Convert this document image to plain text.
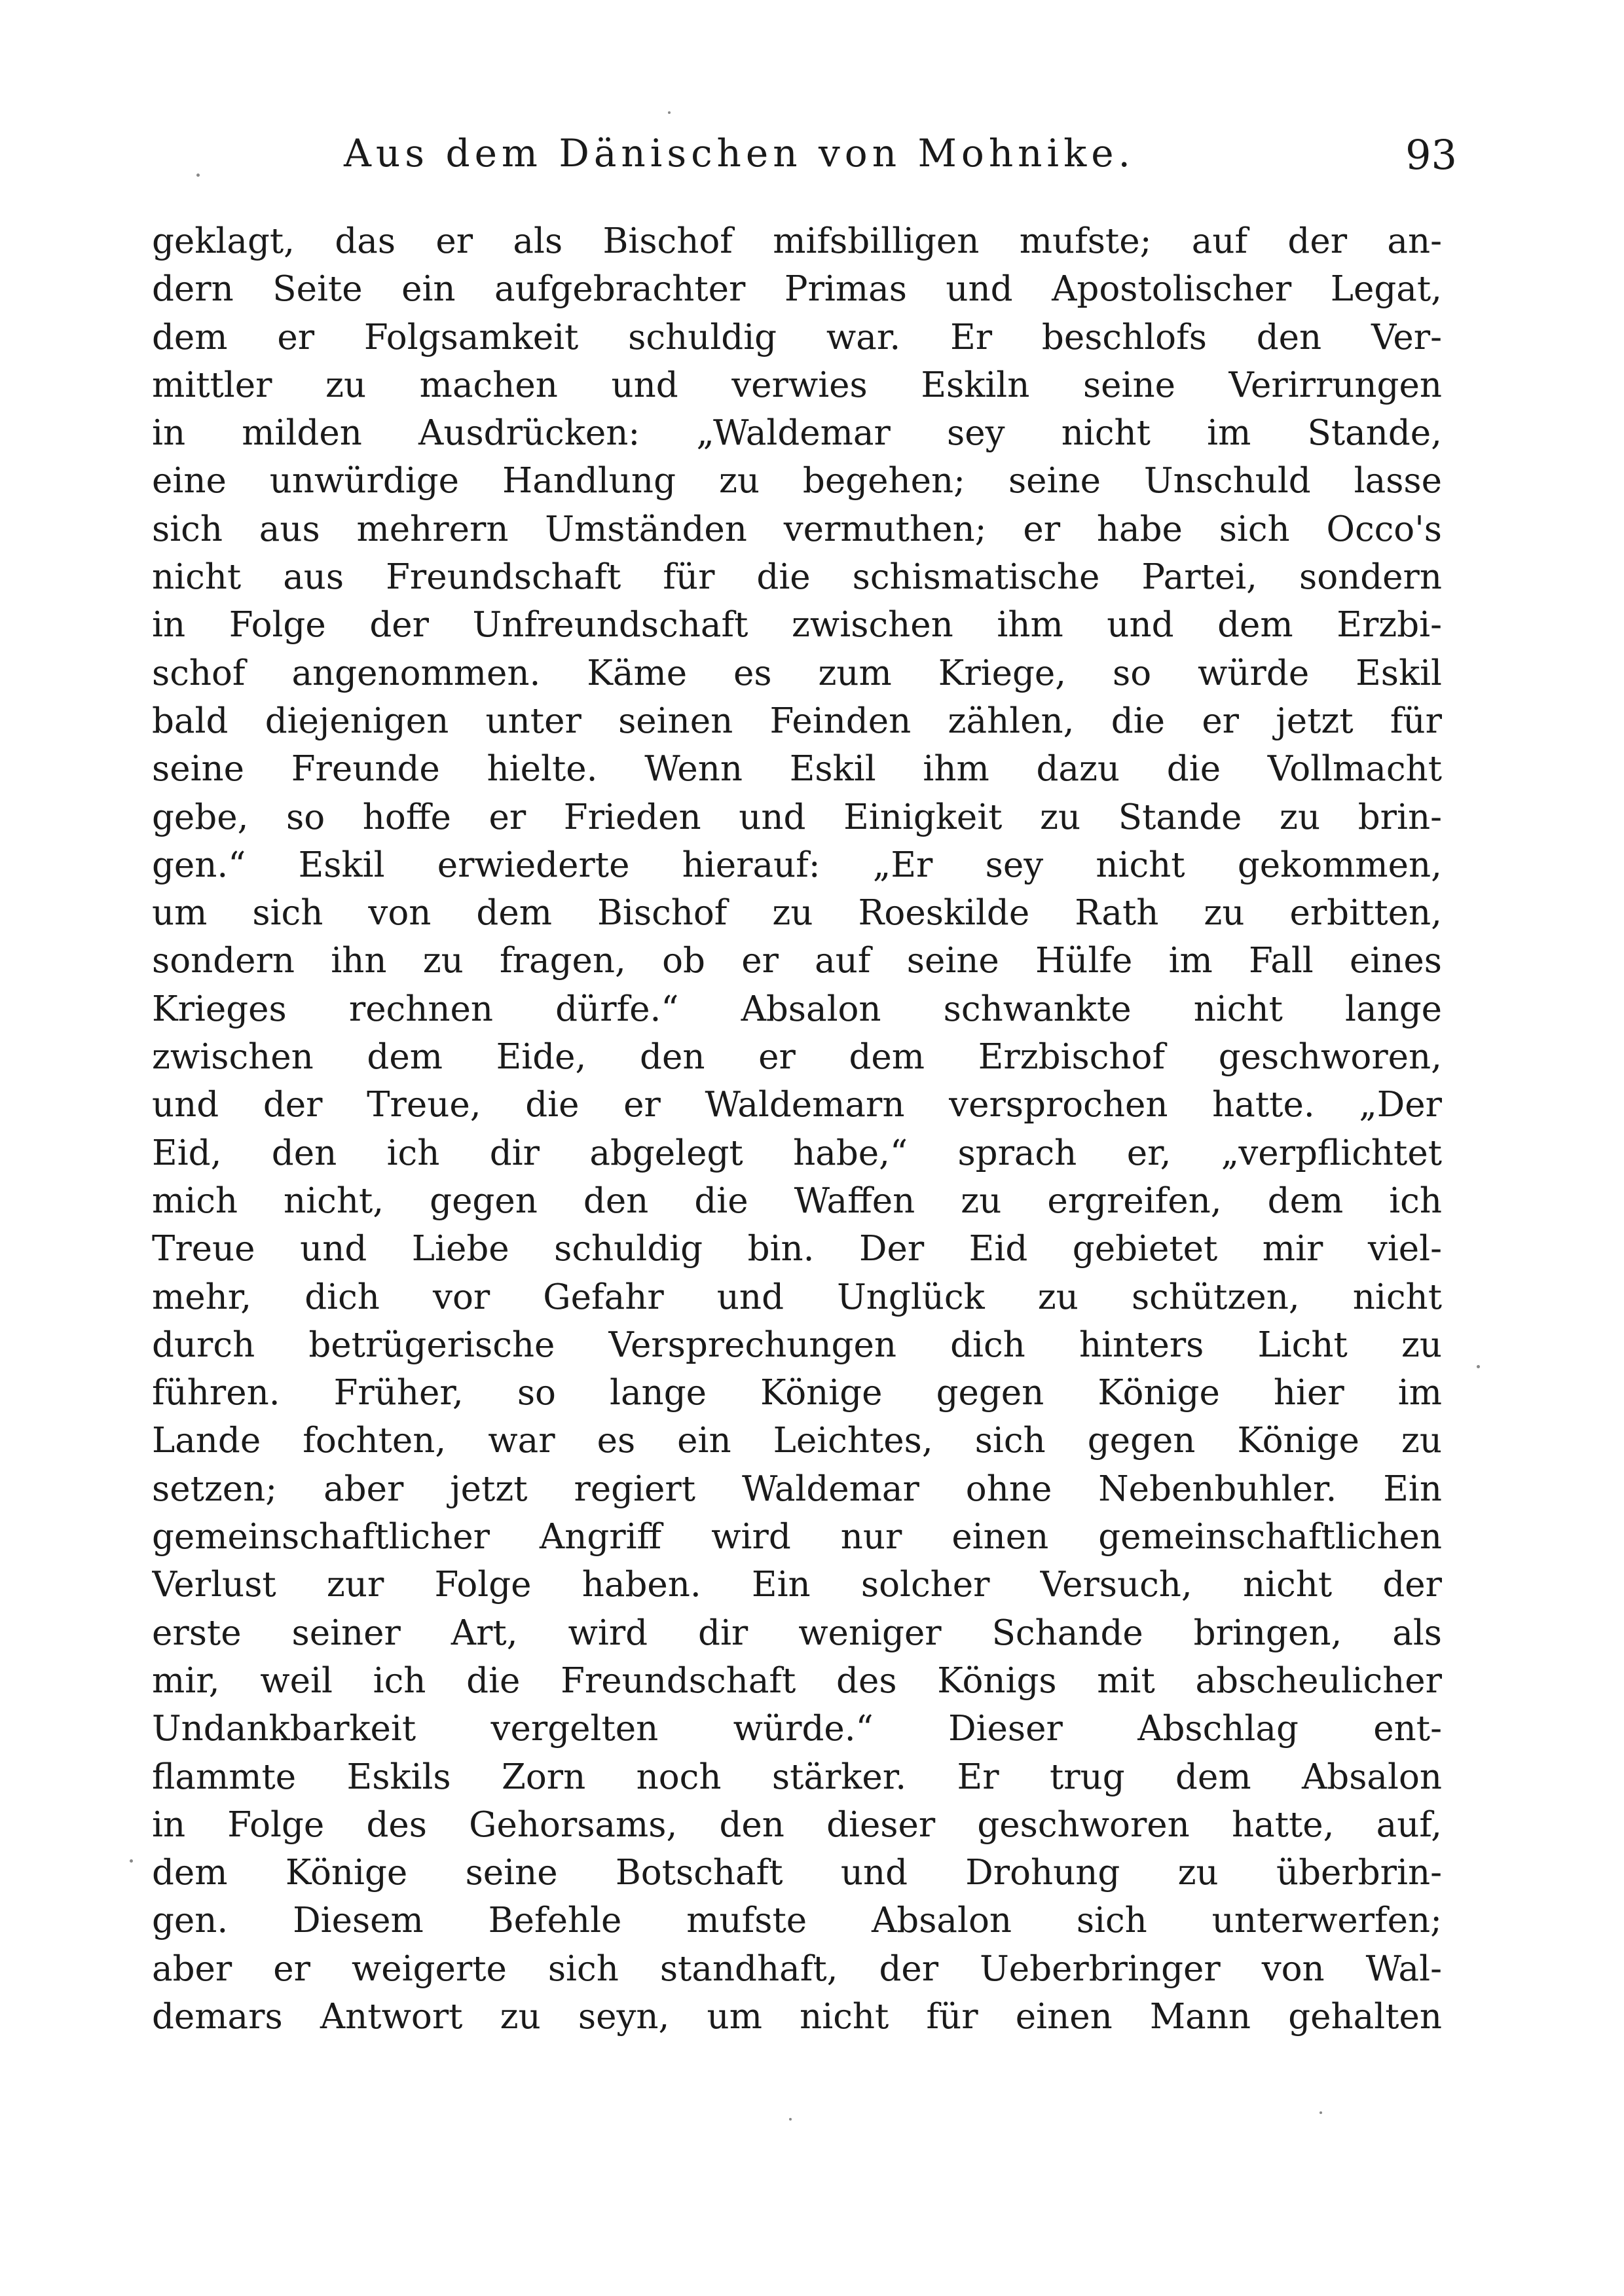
Aus dem Dänischen von Mohnike.	93
geklagt, das er als Bischof mifsbilligen mufste; auf der an-
dern Seite ein aufgebrachter Primas und Apostolischer Legat,
dem er Folgsamkeit schuldig war. Er beschlofs den Ver-
mittler zu machen und verwies Eskiln seine Verirrungen
in milden Ausdrücken: „Waldemar sey nicht im Stande,
eine unwürdige Handlung zu begehen; seine Unschuld lasse
sich aus mehrern Umständen vermuthen; er habe sich Occo's
nicht aus Freundschaft für die schismatische Partei, sondern
in Folge der Unfreundschaft zwischen ihm und dem Erzbi-
schof angenommen. Käme es zum Kriege, so würde Eskil
bald diejenigen unter seinen Feinden zählen, die er jetzt für
seine Freunde hielte. Wenn Eskil ihm dazu die Vollmacht
gebe, so hoffe er Frieden und Einigkeit zu Stande zu brin-
gen.“ Eskil erwiederte hierauf: „Er sey nicht gekommen,
um sich von dem Bischof zu Roeskilde Rath zu erbitten,
sondern ihn zu fragen, ob er auf seine Hülfe im Fall eines
Krieges rechnen dürfe.“ Absalon schwankte nicht lange
zwischen dem Eide, den er dem Erzbischof geschworen,
und der Treue, die er Waldemarn versprochen hatte. „Der
Eid, den ich dir abgelegt habe,“ sprach er, „verpflichtet
mich nicht, gegen den die Waffen zu ergreifen, dem ich
Treue und Liebe schuldig bin. Der Eid gebietet mir viel-
mehr, dich vor Gefahr und Unglück zu schützen, nicht
durch betrügerische Versprechungen dich hinters Licht zu
führen. Früher, so lange Könige gegen Könige hier im
Lande fochten, war es ein Leichtes, sich gegen Könige zu
setzen; aber jetzt regiert Waldemar ohne Nebenbuhler. Ein
gemeinschaftlicher Angriff wird nur einen gemeinschaftlichen
Verlust zur Folge haben. Ein solcher Versuch, nicht der
erste seiner Art, wird dir weniger Schande bringen, als
mir, weil ich die Freundschaft des Königs mit abscheulicher
Undankbarkeit vergelten würde.“ Dieser Abschlag ent-
flammte Eskils Zorn noch stärker. Er trug dem Absalon
in Folge des Gehorsams, den dieser geschworen hatte, auf,
dem Könige seine Botschaft und Drohung zu überbrin-
gen. Diesem Befehle mufste Absalon sich unterwerfen;
aber er weigerte sich standhaft, der Ueberbringer von Wal-
demars Antwort zu seyn, um nicht für einen Mann gehalten
